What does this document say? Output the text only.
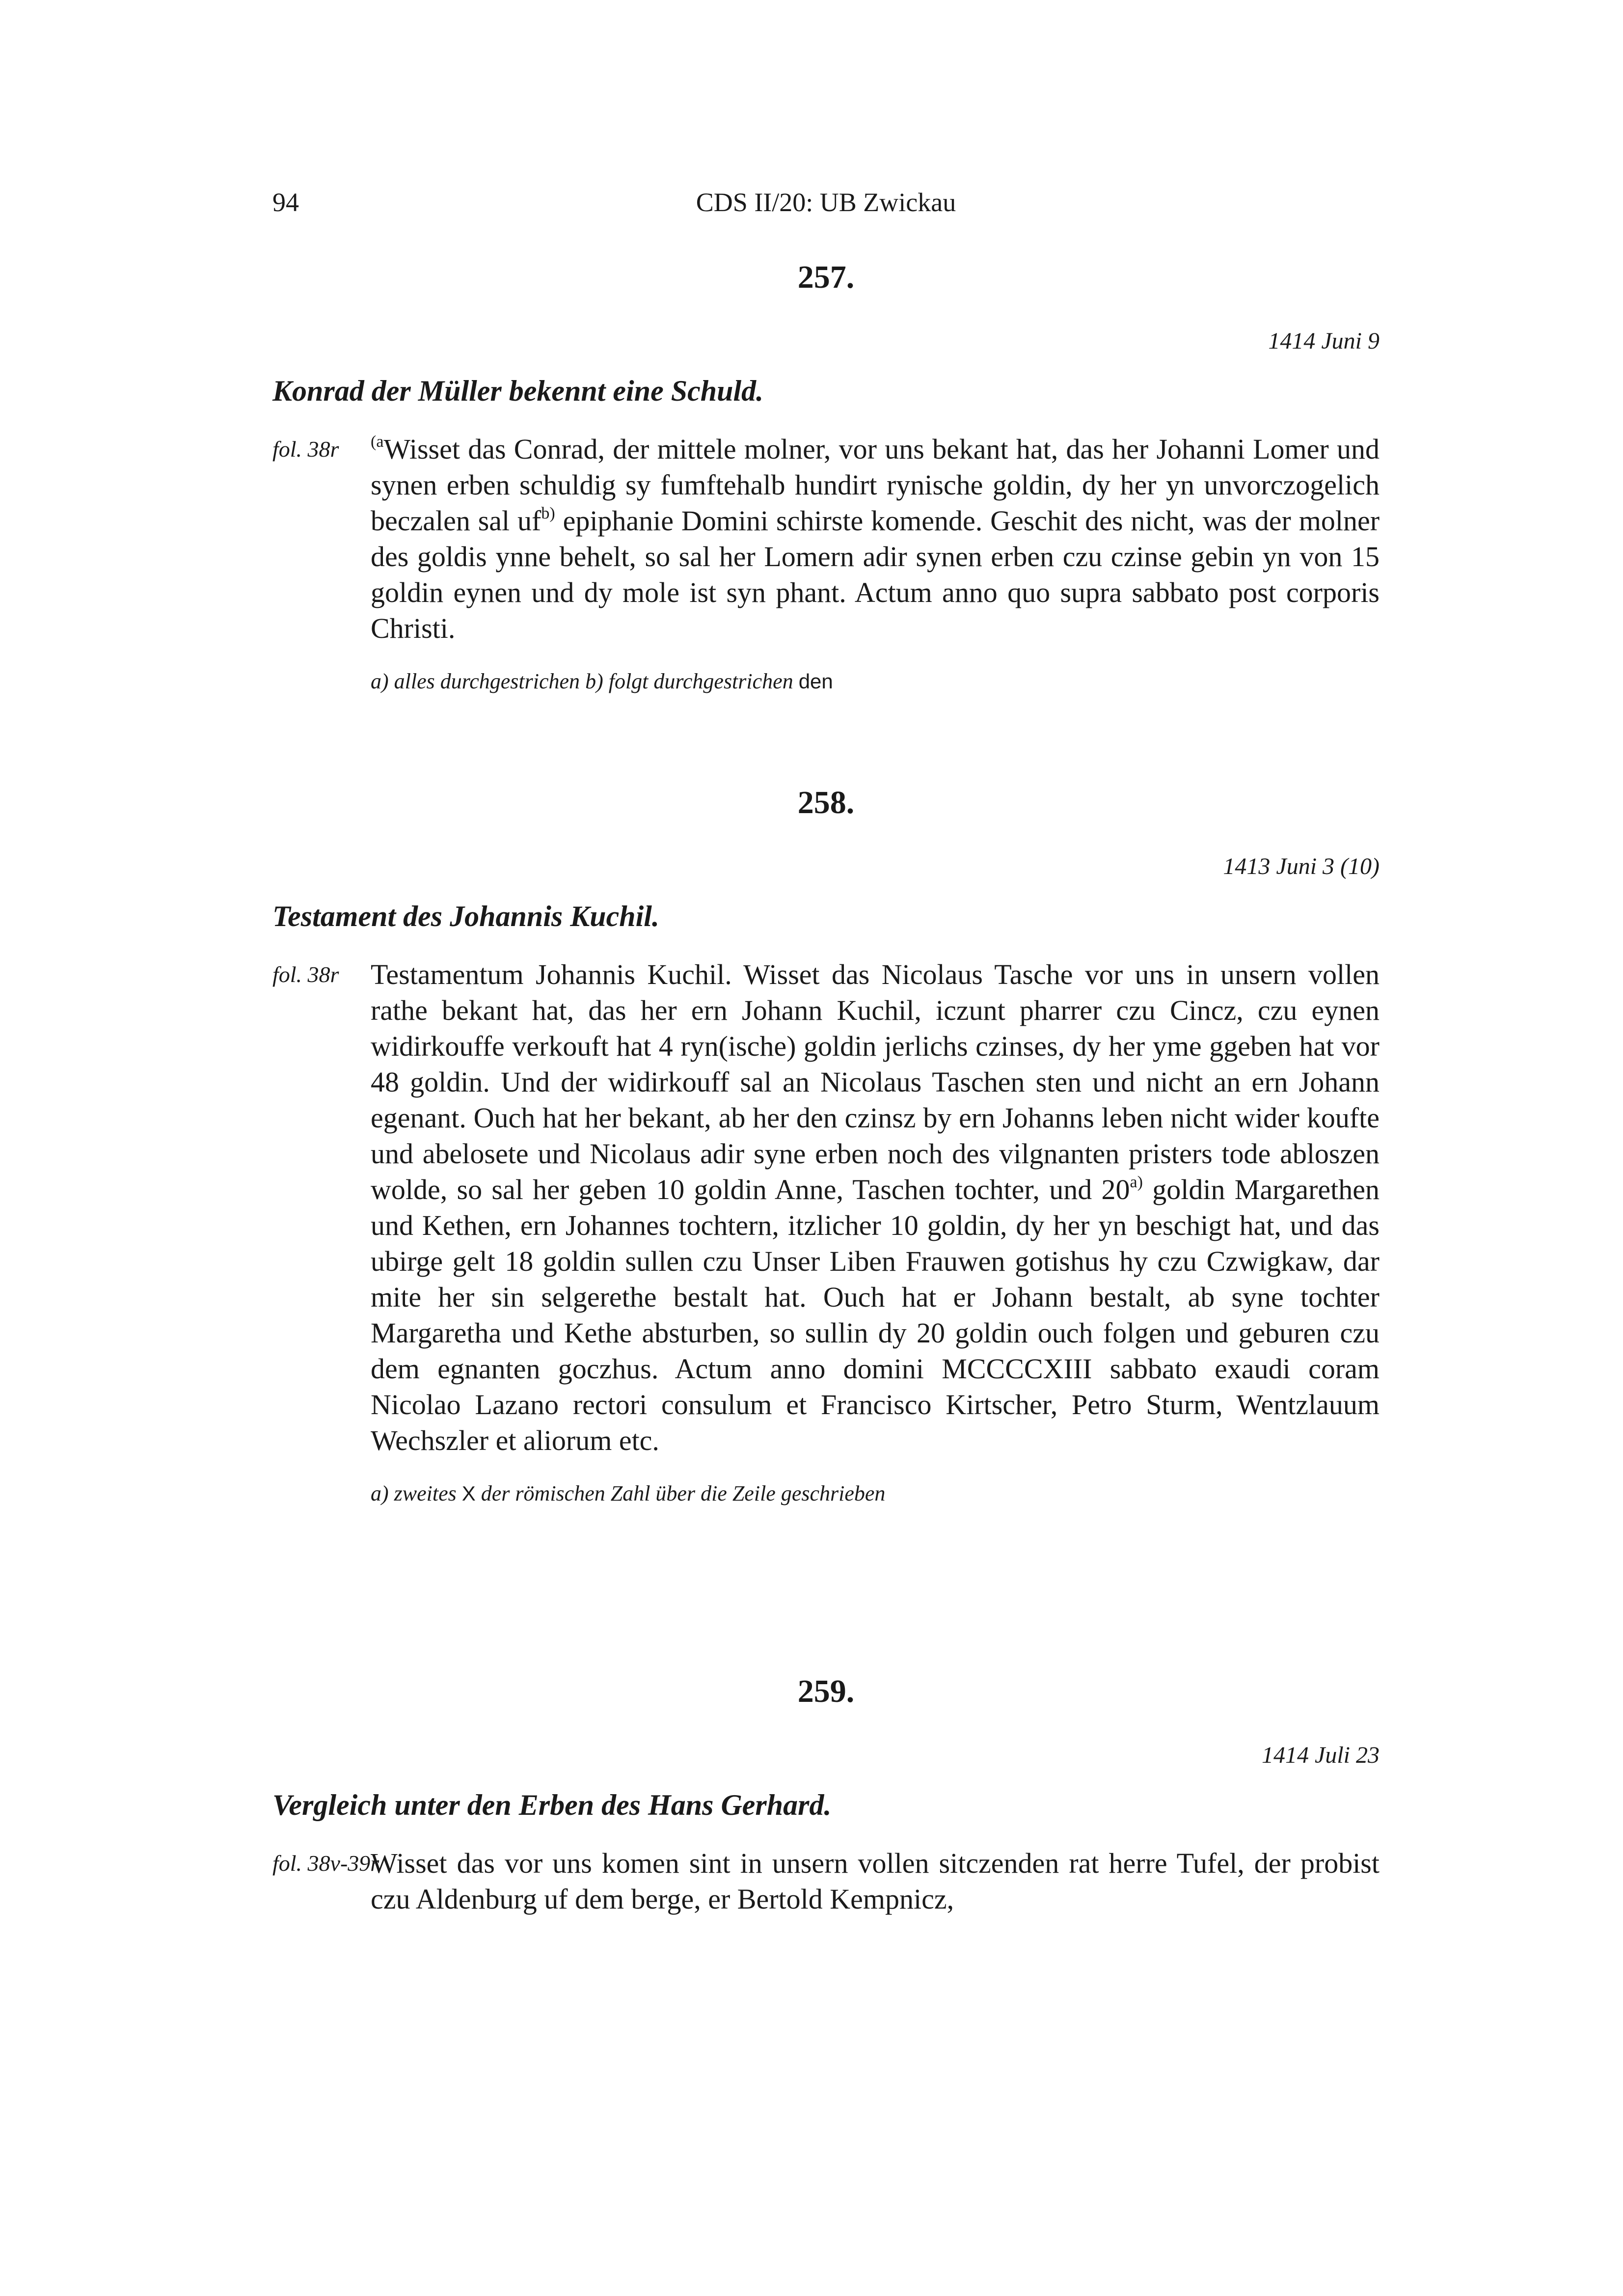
94	CDS II/20: UB Zwickau

257.

1414 Juni 9
Konrad der Müller bekennt eine Schuld.
fol. 38r $^{(a}$Wisset das Conrad, der mittele molner, vor uns bekant hat, das her Johanni Lomer und synen erben schuldig sy fumftehalb hundirt rynische goldin, dy her yn unvorczogelich beczalen sal $uf^{b)}$ epiphanie Domini schirste komende. Geschit des nicht, was der molner des goldis ynne behelt, so sal her Lomern adir synen erben czu czinse gebin yn von 15 goldin eynen und dy mole ist syn phant. Actum anno quo supra sabbato post corporis Christi.
a) alles durchgestrichen b) folgt durchgestrichen den

258.

1413 Juni 3 (10)
Testament des Johannis Kuchil.
fol. 38r Testamentum Johannis Kuchil. Wisset das Nicolaus Tasche vor uns in unsern vollen rathe bekant hat, das her ern Johann Kuchil, iczunt pharrer czu Cincz, czu eynen widirkouffe verkouft hat 4 ryn(ische) goldin jerlichs czinses, dy her yme ggeben hat vor 48 goldin. Und der widirkouff sal an Nicolaus Taschen sten und nicht an ern Johann egenant. Ouch hat her bekant, ab her den czinsz by ern Johanns leben nicht wider koufte und abelosete und Nicolaus adir syne erben noch des vilgnanten pristers tode abloszen wolde, so sal her geben 10 goldin Anne, Taschen tochter, und 20$^{a)}$ goldin Margarethen und Kethen, ern Johannes tochtern, itzlicher 10 goldin, dy her yn beschigt hat, und das ubirge gelt 18 goldin sullen czu Unser Liben Frauwen gotishus hy czu Czwigkaw, dar mite her sin selgerethe bestalt hat. Ouch hat er Johann bestalt, ab syne tochter Margaretha und Kethe absturben, so sullin dy 20 goldin ouch folgen und geburen czu dem egnanten goczhus. Actum anno domini MCCCCXIII sabbato exaudi coram Nicolao Lazano rectori consulum et Francisco Kirtscher, Petro Sturm, Wentzlauum Wechszler et aliorum etc.
a) zweites X der römischen Zahl über die Zeile geschrieben

259.

1414 Juli 23
Vergleich unter den Erben des Hans Gerhard.
fol. 38v-39r
Wisset das vor uns komen sint in unsern vollen sitczenden rat herre Tufel, der probist czu Aldenburg uf dem berge, er Bertold Kempnicz,
